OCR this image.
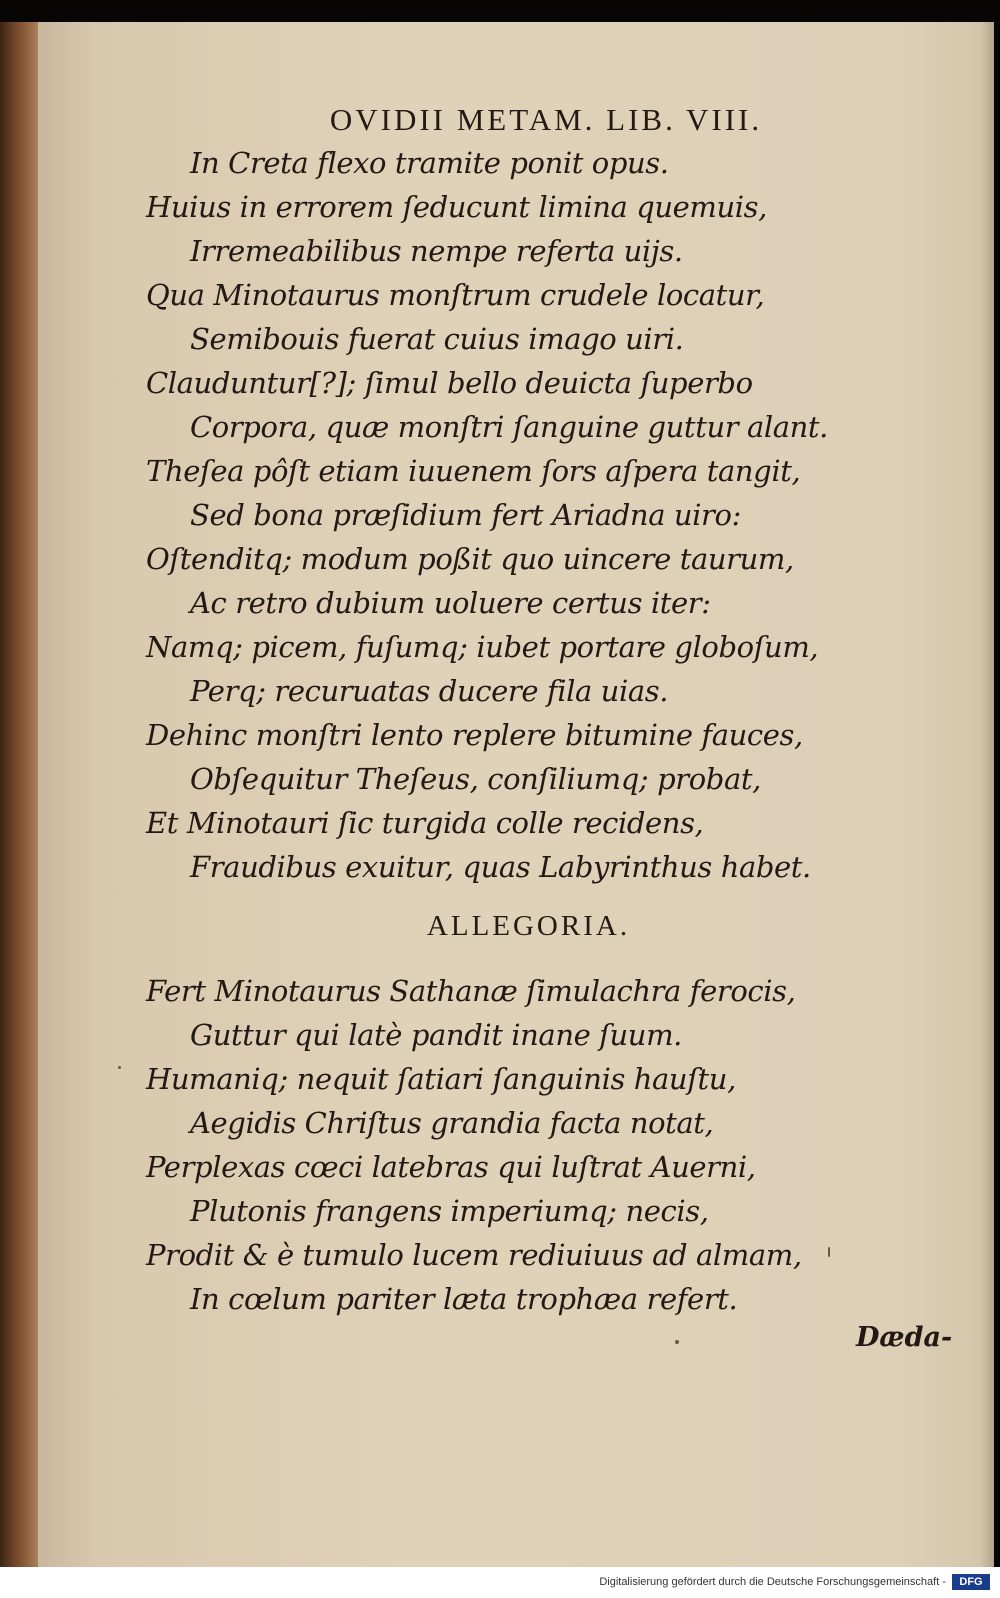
OVIDII METAM. LIB. VIII.
In Creta flexo tramite ponit opus.
Huius in errorem ſeducunt limina quemuis,
Irremeabilibus nempe referta uijs.
Qua Minotaurus monſtrum crudele locatur,
Semibouis fuerat cuius imago uiri.
Clauduntur[?]; ſimul bello deuicta ſuperbo
Corpora, quæ monſtri ſanguine guttur alant.
Theſea pôſt etiam iuuenem ſors aſpera tangit,
Sed bona præſidium fert Ariadna uiro:
Oſtenditq; modum poßit quo uincere taurum,
Ac retro dubium uoluere certus iter:
Namq; picem, fuſumq; iubet portare globoſum,
Perq; recuruatas ducere fila uias.
Dehinc monſtri lento replere bitumine fauces,
Obſequitur Theſeus, conſiliumq; probat,
Et Minotauri ſic turgida colle recidens,
Fraudibus exuitur, quas Labyrinthus habet.
ALLEGORIA.
Fert Minotaurus Sathanæ ſimulachra ferocis,
Guttur qui latè pandit inane ſuum.
Humaniq; nequit ſatiari ſanguinis hauſtu,
Aegidis Chriſtus grandia facta notat,
Perplexas cœci latebras qui luſtrat Auerni,
Plutonis frangens imperiumq; necis,
Prodit & è tumulo lucem rediuiuus ad almam,
In cœlum pariter læta trophæa refert.
Dæda-
Digitalisierung gefördert durch die Deutsche Forschungsgemeinschaft -	DFG
